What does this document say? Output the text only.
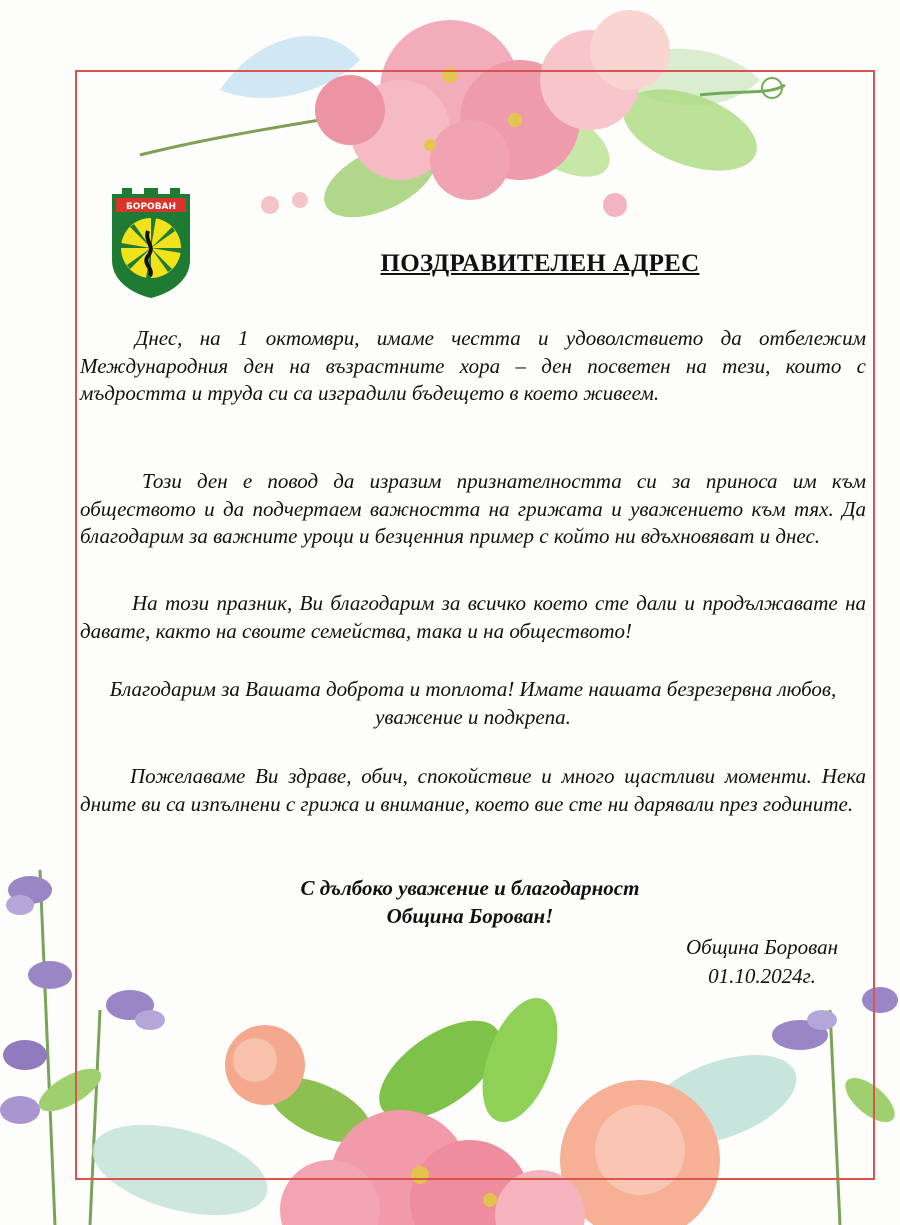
БОРОВАН
ПОЗДРАВИТЕЛЕН АДРЕС

Днес, на 1 октомври, имаме честта и удоволствието да отбележим Международния ден на възрастните хора – ден посветен на тези, които с мъдростта и труда си са изградили бъдещето в което живеем.

Този ден е повод да изразим признателността си за приноса им към обществото и да подчертаем важността на грижата и уважението към тях. Да благодарим за важните уроци и безценния пример с който ни вдъхновяват и днес.

На този празник, Ви благодарим за всичко което сте дали и продължавате на давате, както на своите семейства, така и на обществото!

Благодарим за Вашата доброта и топлота! Имате нашата безрезервна любов, уважение и подкрепа.

Пожелаваме Ви здраве, обич, спокойствие и много щастливи моменти. Нека дните ви са изпълнени с грижа и внимание, което вие сте ни дарявали през годините.

С дълбоко уважение и благодарност
Община Борован!
Община Борован
01.10.2024г.
